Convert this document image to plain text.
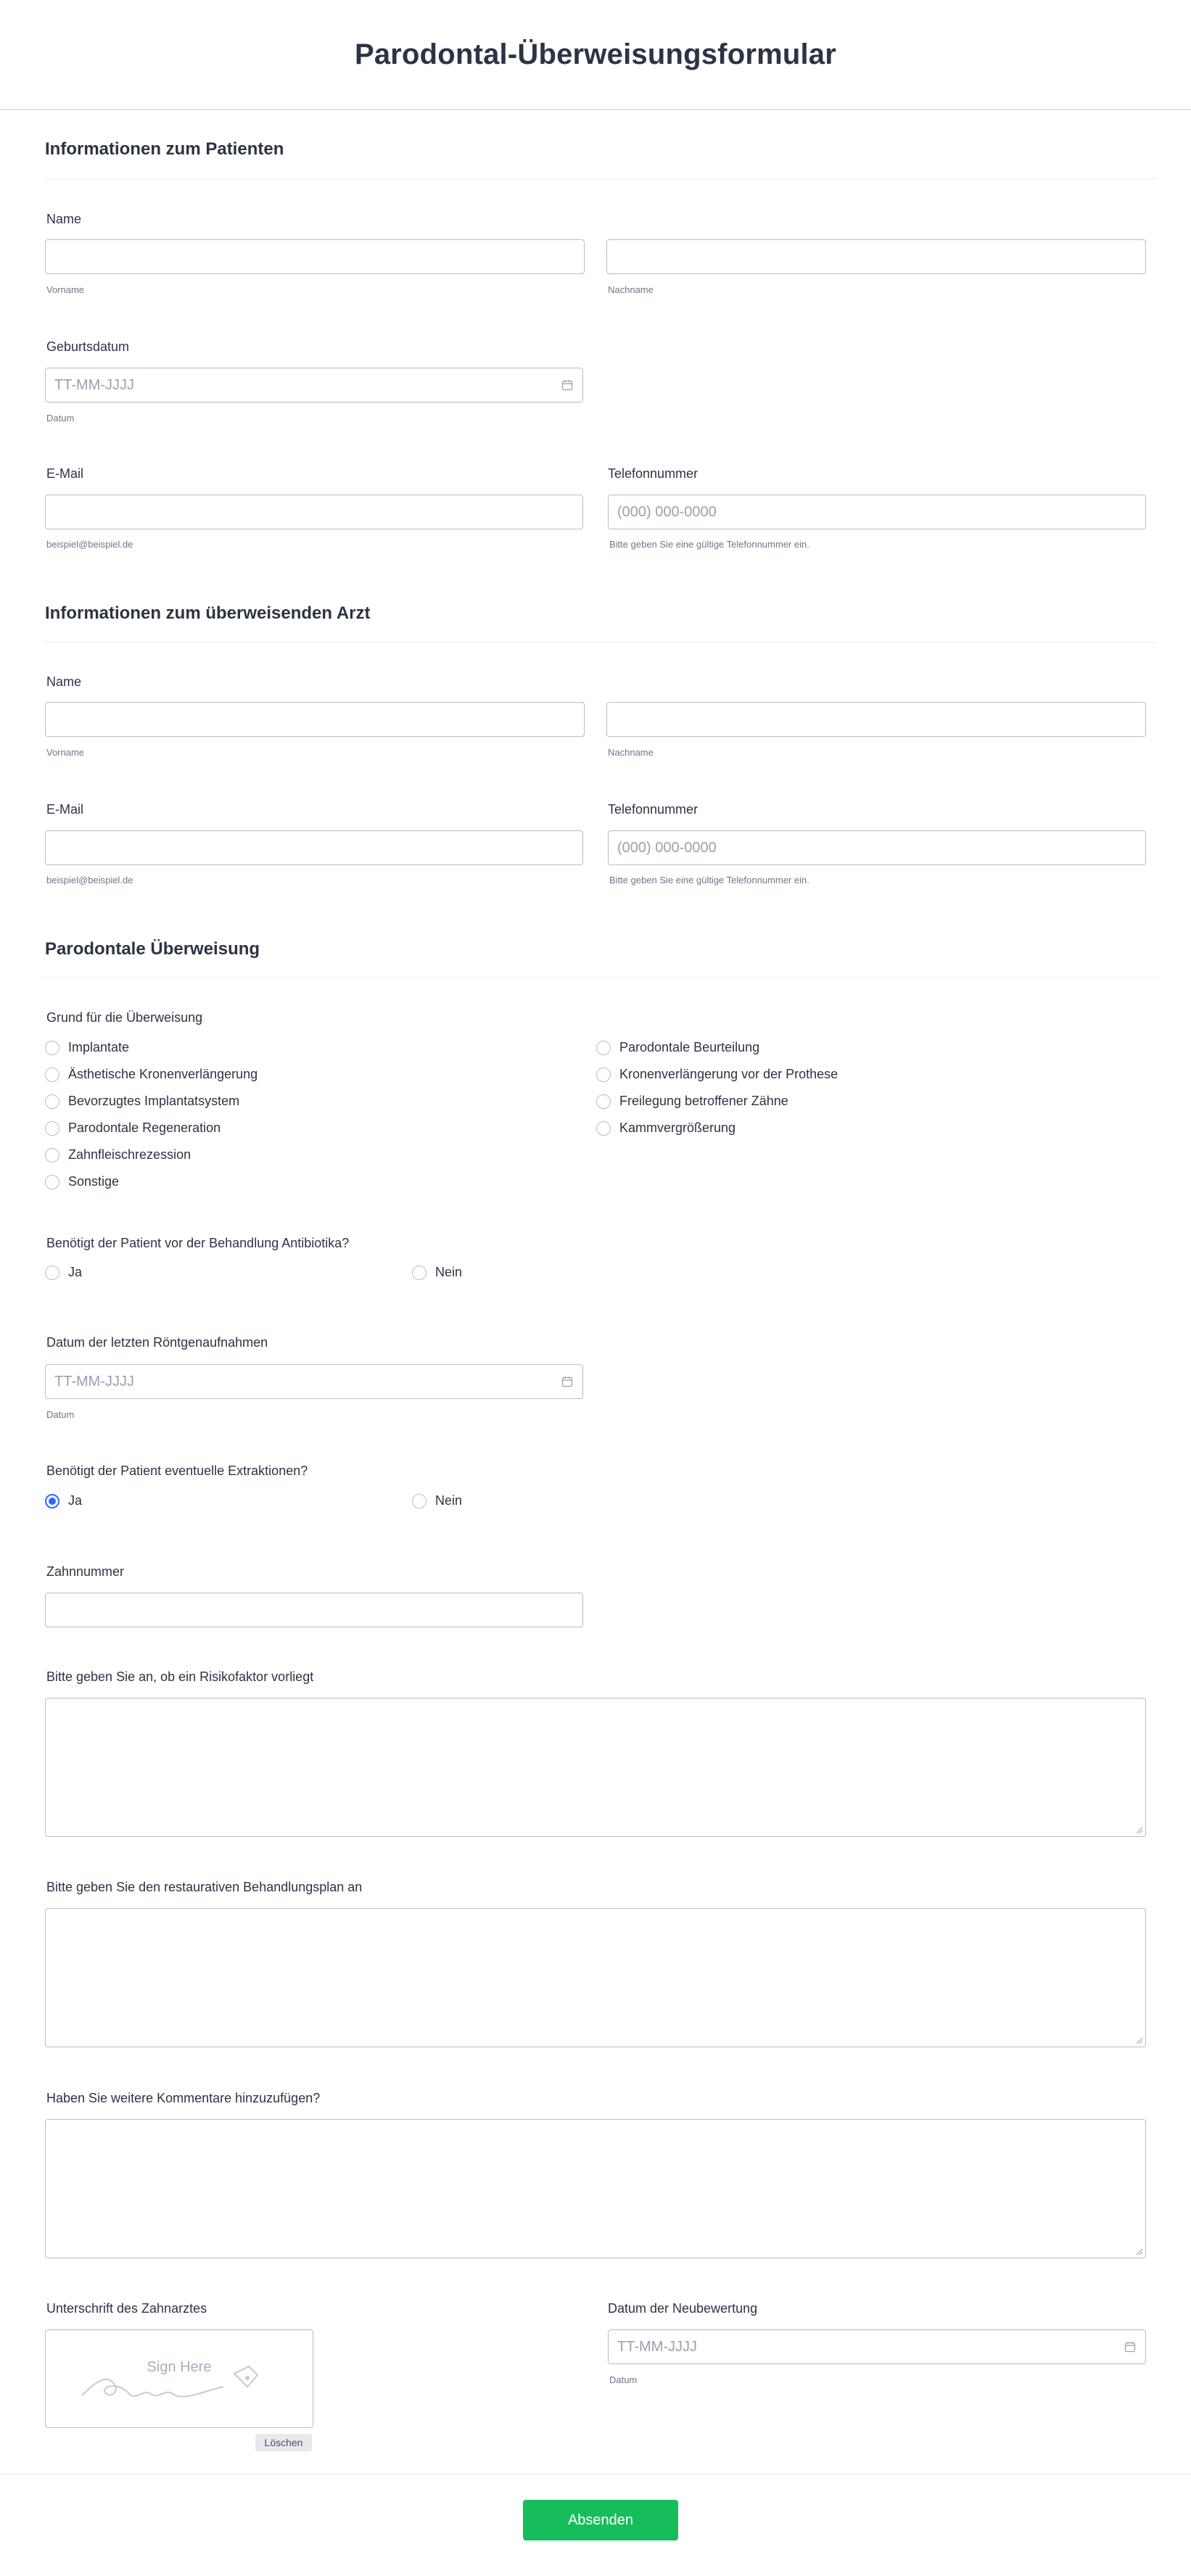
Parodontal-Überweisungsformular
Informationen zum Patienten
Name
Vorname	Nachname
Geburtsdatum
TT-MM-JJJJ
Datum
E-Mail
beispiel@beispiel.de
Telefonnummer
(000) 000-0000
Bitte geben Sie eine gültige Telefonnummer ein.
Informationen zum überweisenden Arzt
Name
Vorname	Nachname
E-Mail
beispiel@beispiel.de
Telefonnummer
(000) 000-0000
Bitte geben Sie eine gültige Telefonnummer ein.
Parodontale Überweisung
Grund für die Überweisung
Implantate	Parodontale Beurteilung
Ästhetische Kronenverlängerung	Kronenverlängerung vor der Prothese
Bevorzugtes Implantatsystem	Freilegung betroffener Zähne
Parodontale Regeneration	Kammvergrößerung
Zahnfleischrezession
Sonstige
Benötigt der Patient vor der Behandlung Antibiotika?
Ja	Nein
Datum der letzten Röntgenaufnahmen
TT-MM-JJJJ
Datum
Benötigt der Patient eventuelle Extraktionen?
Ja	Nein
Zahnnummer
Bitte geben Sie an, ob ein Risikofaktor vorliegt
Bitte geben Sie den restaurativen Behandlungsplan an
Haben Sie weitere Kommentare hinzuzufügen?
Unterschrift des Zahnarztes
Sign Here
Löschen
Datum der Neubewertung
TT-MM-JJJJ
Datum
Absenden
